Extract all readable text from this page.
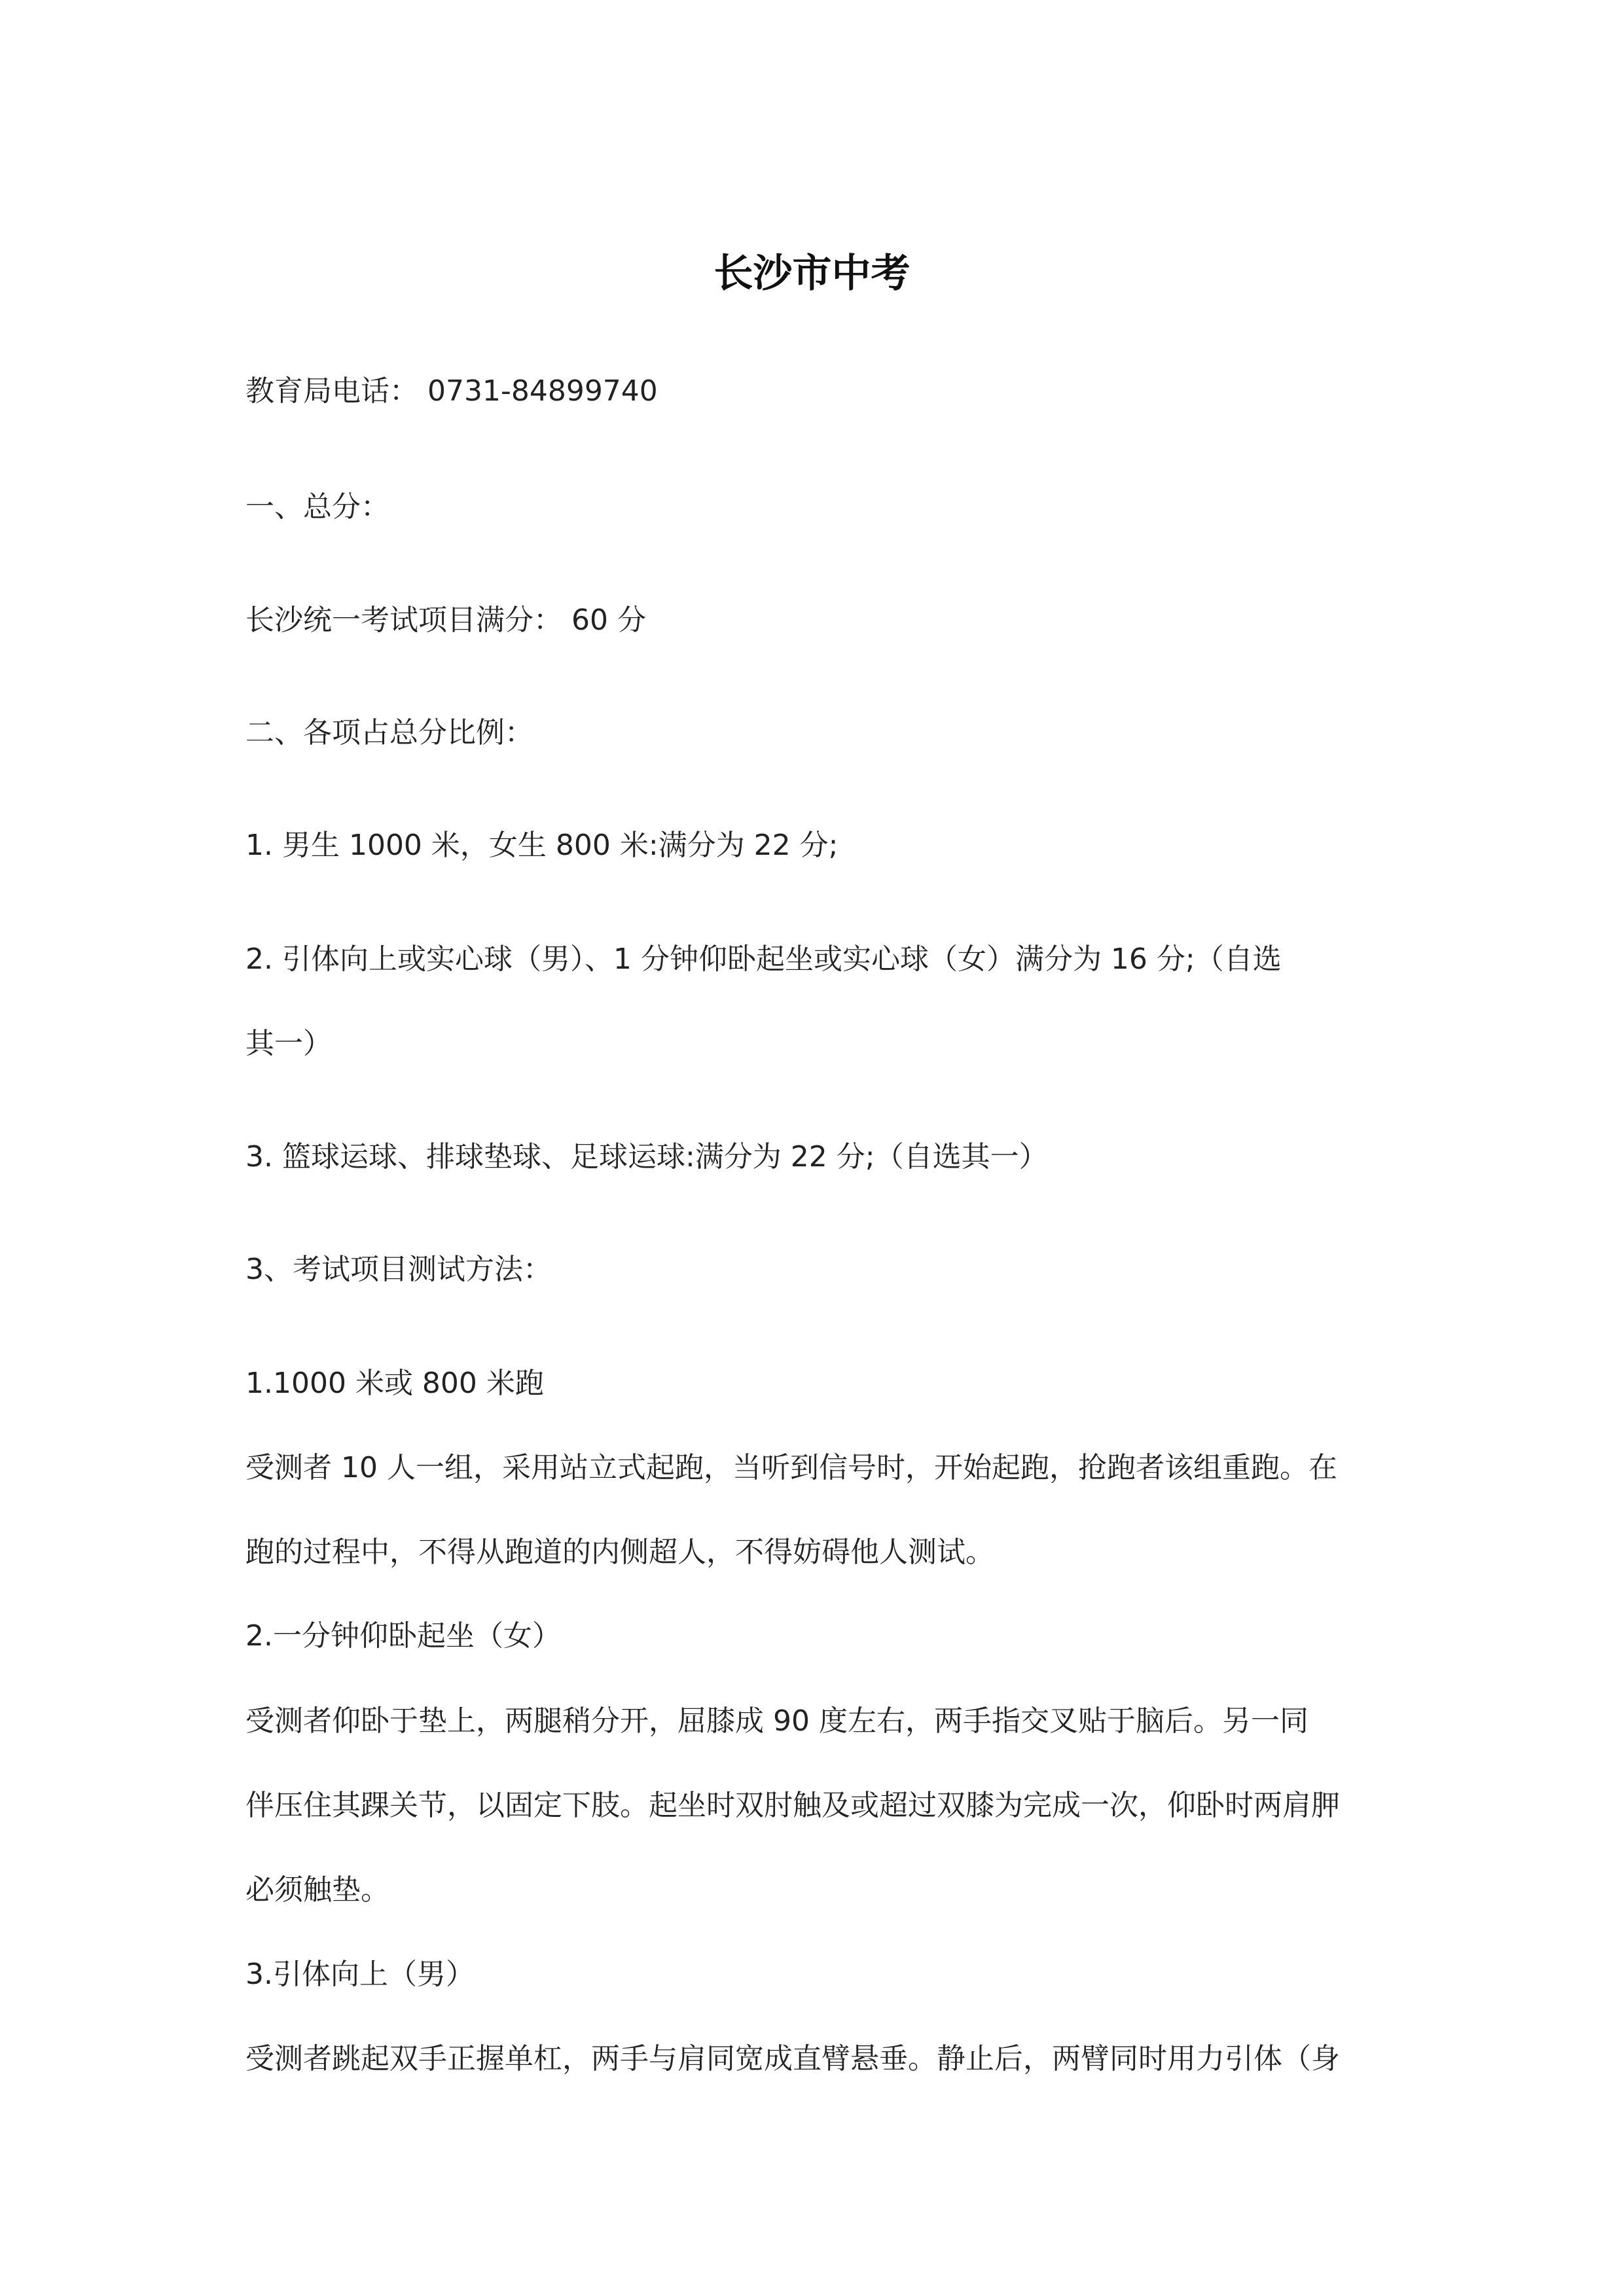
长沙市中考
教育局电话： 0731-84899740
一、总分：
长沙统一考试项目满分： 60 分
二、各项占总分比例：
1. 男生 1000 米，女生 800 米:满分为 22 分;
2. 引体向上或实心球（男）、1 分钟仰卧起坐或实心球（女）满分为 16 分;（自选
其一）
3. 篮球运球、排球垫球、足球运球:满分为 22 分;（自选其一）
3、考试项目测试方法：
1.1000 米或 800 米跑
受测者 10 人一组，采用站立式起跑，当听到信号时，开始起跑，抢跑者该组重跑。在
跑的过程中，不得从跑道的内侧超人，不得妨碍他人测试。
2.一分钟仰卧起坐（女）
受测者仰卧于垫上，两腿稍分开，屈膝成 90 度左右，两手指交叉贴于脑后。另一同
伴压住其踝关节，以固定下肢。起坐时双肘触及或超过双膝为完成一次，仰卧时两肩胛
必须触垫。
3.引体向上（男）
受测者跳起双手正握单杠，两手与肩同宽成直臂悬垂。静止后，两臂同时用力引体（身
